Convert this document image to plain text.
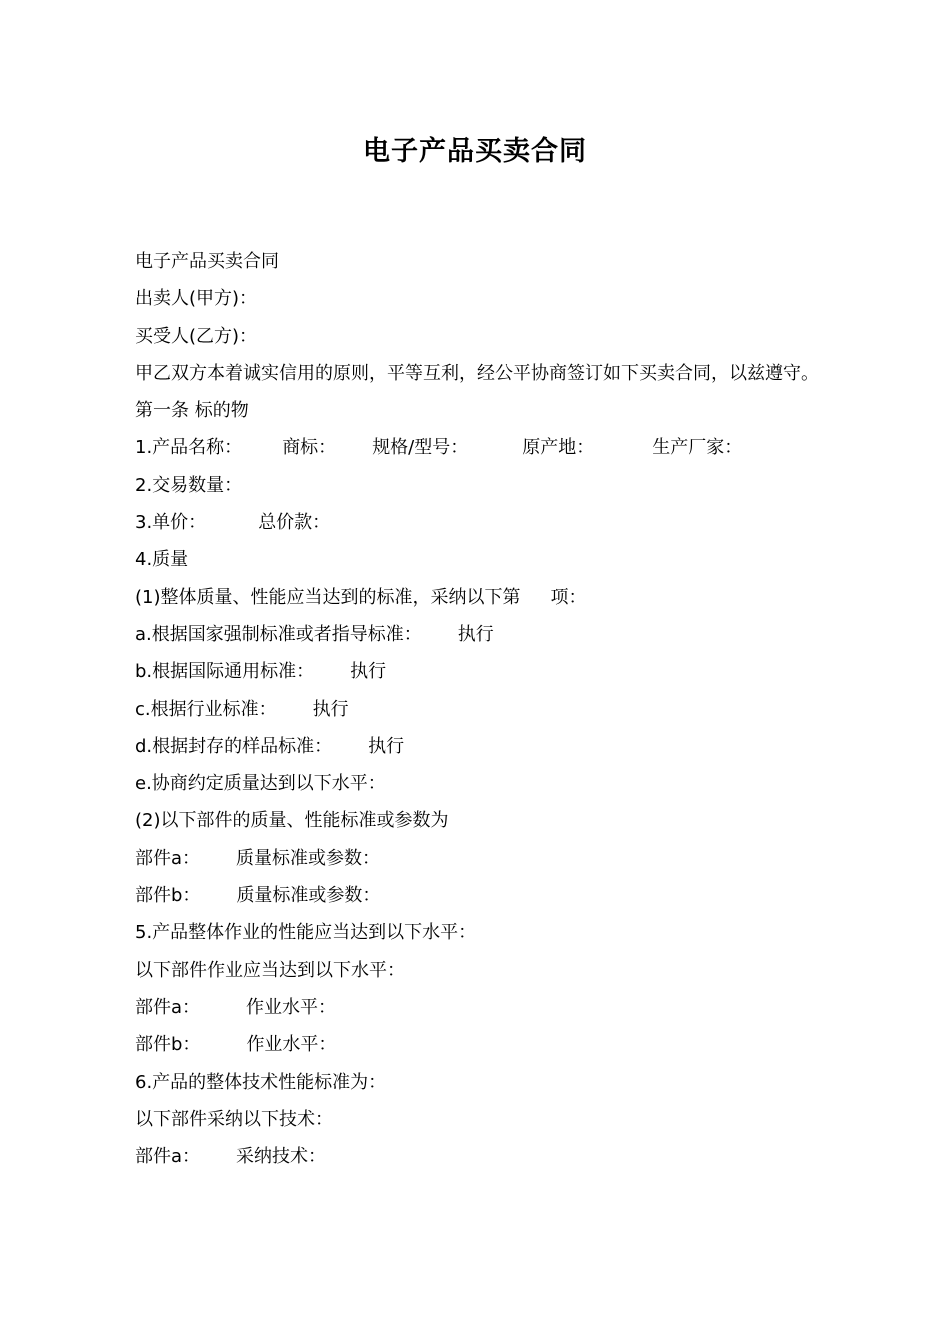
电子产品买卖合同
电子产品买卖合同
出卖人(甲方)：
买受人(乙方)：
甲乙双方本着诚实信用的原则，平等互利，经公平协商签订如下买卖合同，以兹遵守。
第一条 标的物
1.产品名称： 商标： 规格/型号：	原产地：	生产厂家：
2.交易数量：
3.单价：	总价款：
4.质量
(1)整体质量、性能应当达到的标准，采纳以下第 项：
a.根据国家强制标准或者指导标准： 执行
b.根据国际通用标准： 执行
c.根据行业标准： 执行
d.根据封存的样品标准： 执行
e.协商约定质量达到以下水平：
(2)以下部件的质量、性能标准或参数为
部件a： 质量标准或参数：
部件b： 质量标准或参数：
5.产品整体作业的性能应当达到以下水平：
以下部件作业应当达到以下水平：
部件a：	作业水平：
部件b：	作业水平：
6.产品的整体技术性能标准为：
以下部件采纳以下技术：
部件a： 采纳技术：
